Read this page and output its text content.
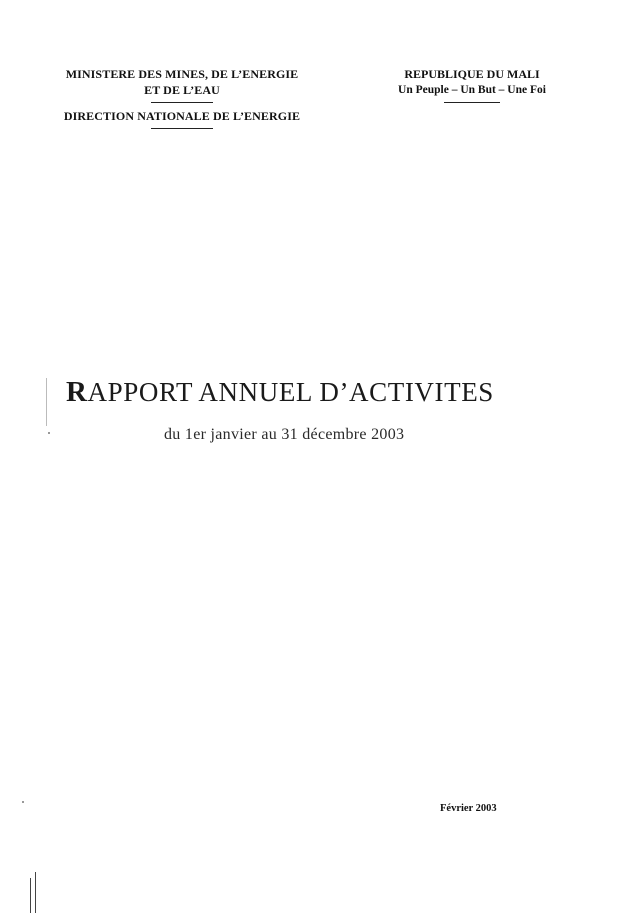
MINISTERE DES MINES, DE L’ENERGIE
ET DE L’EAU
DIRECTION NATIONALE DE L’ENERGIE
REPUBLIQUE DU MALI
Un Peuple – Un But – Une Foi
RAPPORT ANNUEL D’ACTIVITES
du 1er janvier au 31 décembre 2003
Février 2003
